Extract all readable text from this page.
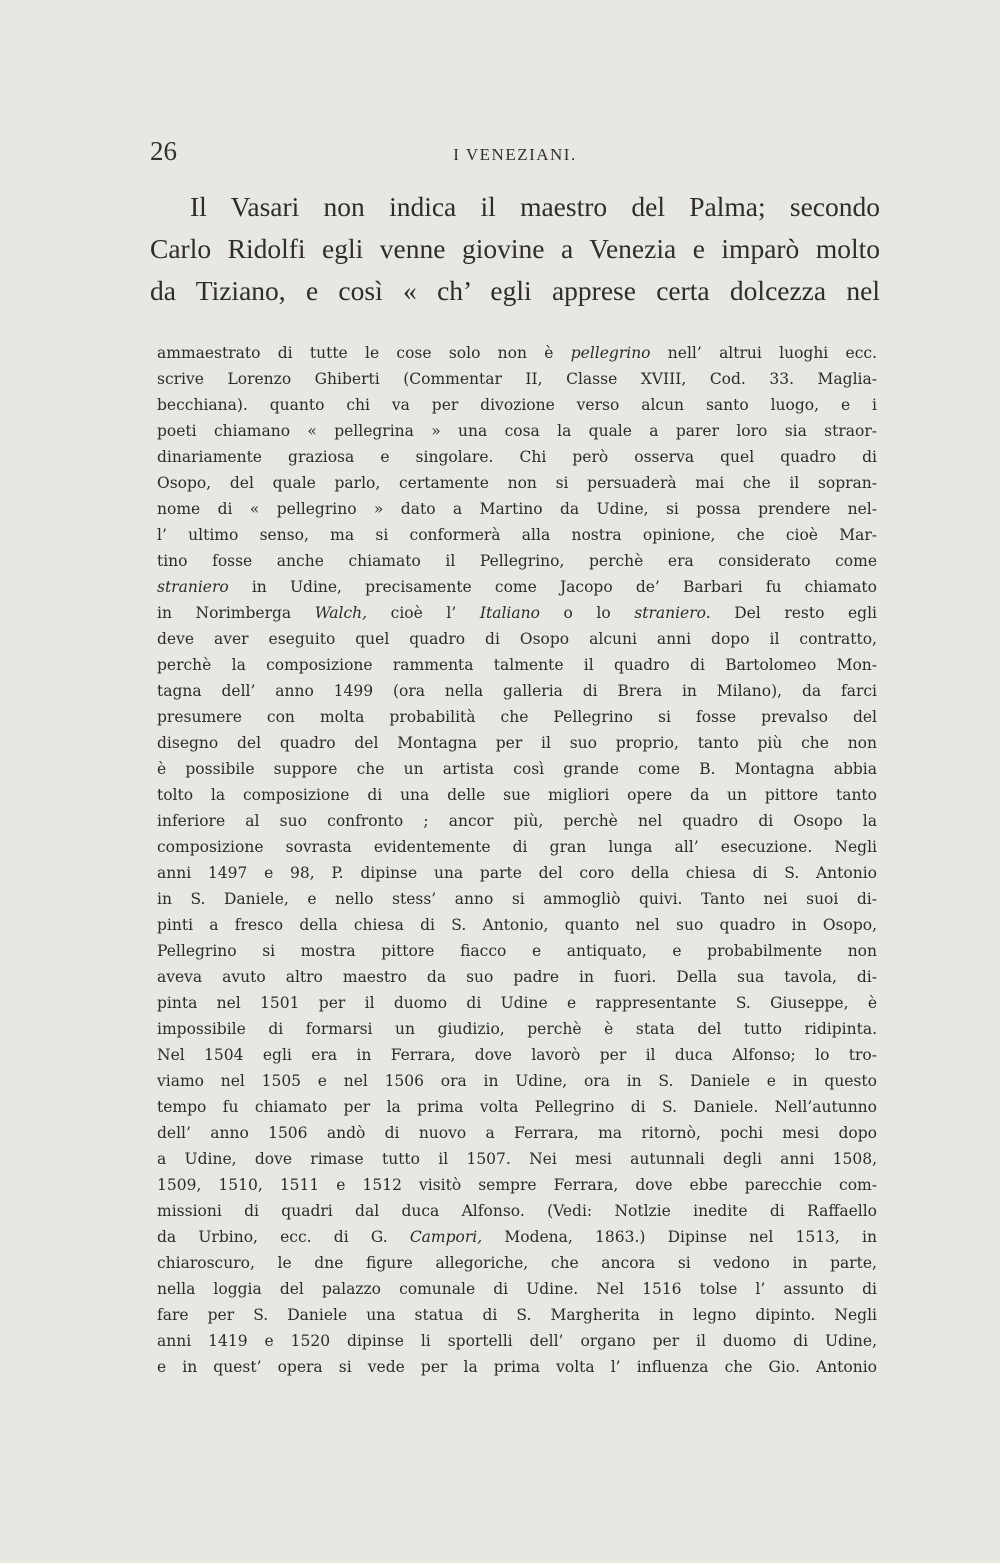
26	I VENEZIANI.
Il Vasari non indica il maestro del Palma; secondo
Carlo Ridolfi egli venne giovine a Venezia e imparò molto
da Tiziano, e così « ch’ egli apprese certa dolcezza nel
ammaestrato di tutte le cose solo non è pellegrino nell’ altrui luoghi ecc.
scrive Lorenzo Ghiberti (Commentar II, Classe XVIII, Cod. 33. Maglia-
becchiana). quanto chi va per divozione verso alcun santo luogo, e i
poeti chiamano « pellegrina » una cosa la quale a parer loro sia straor-
dinariamente graziosa e singolare. Chi però osserva quel quadro di
Osopo, del quale parlo, certamente non si persuaderà mai che il sopran-
nome di « pellegrino » dato a Martino da Udine, si possa prendere nel-
l’ ultimo senso, ma si conformerà alla nostra opinione, che cioè Mar-
tino fosse anche chiamato il Pellegrino, perchè era considerato come
straniero in Udine, precisamente come Jacopo de’ Barbari fu chiamato
in Norimberga Walch, cioè l’ Italiano o lo straniero. Del resto egli
deve aver eseguito quel quadro di Osopo alcuni anni dopo il contratto,
perchè la composizione rammenta talmente il quadro di Bartolomeo Mon-
tagna dell’ anno 1499 (ora nella galleria di Brera in Milano), da farci
presumere con molta probabilità che Pellegrino si fosse prevalso del
disegno del quadro del Montagna per il suo proprio, tanto più che non
è possibile suppore che un artista così grande come B. Montagna abbia
tolto la composizione di una delle sue migliori opere da un pittore tanto
inferiore al suo confronto ; ancor più, perchè nel quadro di Osopo la
composizione sovrasta evidentemente di gran lunga all’ esecuzione. Negli
anni 1497 e 98, P. dipinse una parte del coro della chiesa di S. Antonio
in S. Daniele, e nello stess’ anno si ammogliò quivi. Tanto nei suoi di-
pinti a fresco della chiesa di S. Antonio, quanto nel suo quadro in Osopo,
Pellegrino si mostra pittore fiacco e antiquato, e probabilmente non
aveva avuto altro maestro da suo padre in fuori. Della sua tavola, di-
pinta nel 1501 per il duomo di Udine e rappresentante S. Giuseppe, è
impossibile di formarsi un giudizio, perchè è stata del tutto ridipinta.
Nel 1504 egli era in Ferrara, dove lavorò per il duca Alfonso; lo tro-
viamo nel 1505 e nel 1506 ora in Udine, ora in S. Daniele e in questo
tempo fu chiamato per la prima volta Pellegrino di S. Daniele. Nell’autunno
dell’ anno 1506 andò di nuovo a Ferrara, ma ritornò, pochi mesi dopo
a Udine, dove rimase tutto il 1507. Nei mesi autunnali degli anni 1508,
1509, 1510, 1511 e 1512 visitò sempre Ferrara, dove ebbe parecchie com-
missioni di quadri dal duca Alfonso. (Vedi: Notlzie inedite di Raffaello
da Urbino, ecc. di G. Campori, Modena, 1863.) Dipinse nel 1513, in
chiaroscuro, le dne figure allegoriche, che ancora si vedono in parte,
nella loggia del palazzo comunale di Udine. Nel 1516 tolse l’ assunto di
fare per S. Daniele una statua di S. Margherita in legno dipinto. Negli
anni 1419 e 1520 dipinse li sportelli dell’ organo per il duomo di Udine,
e in quest’ opera si vede per la prima volta l’ influenza che Gio. Antonio
